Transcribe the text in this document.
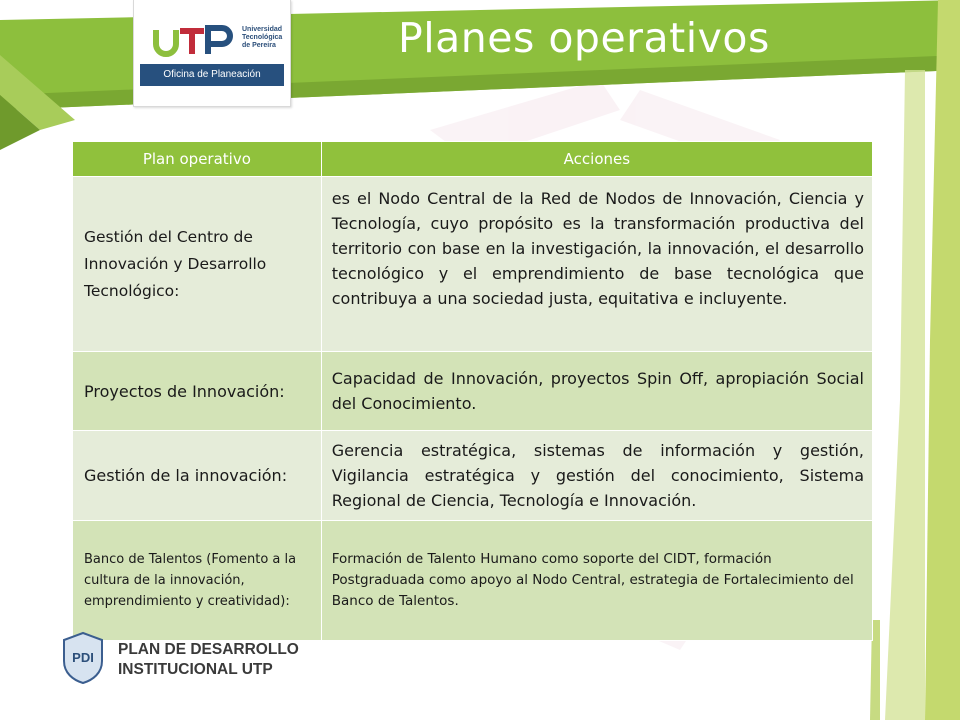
Planes operativos
Universidad Tecnológica de Pereira
Oficina de Planeación
Plan operativo	Acciones
Gestión del Centro de Innovación y Desarrollo Tecnológico:	es el Nodo Central de la Red de Nodos de Innovación, Ciencia y Tecnología, cuyo propósito es la transformación productiva del territorio con base en la investigación, la innovación, el desarrollo tecnológico y el emprendimiento de base tecnológica que contribuya a una sociedad justa, equitativa e incluyente.
Proyectos de Innovación:	Capacidad de Innovación, proyectos Spin Off, apropiación Social del Conocimiento.
Gestión de la innovación:	Gerencia estratégica, sistemas de información y gestión, Vigilancia estratégica y gestión del conocimiento, Sistema Regional de Ciencia, Tecnología e Innovación.
Banco de Talentos (Fomento a la cultura de la innovación, emprendimiento y creatividad):	Formación de Talento Humano como soporte del CIDT, formación Postgraduada como apoyo al Nodo Central, estrategia de Fortalecimiento del Banco de Talentos.
PDI PLAN DE DESARROLLO
INSTITUCIONAL UTP
